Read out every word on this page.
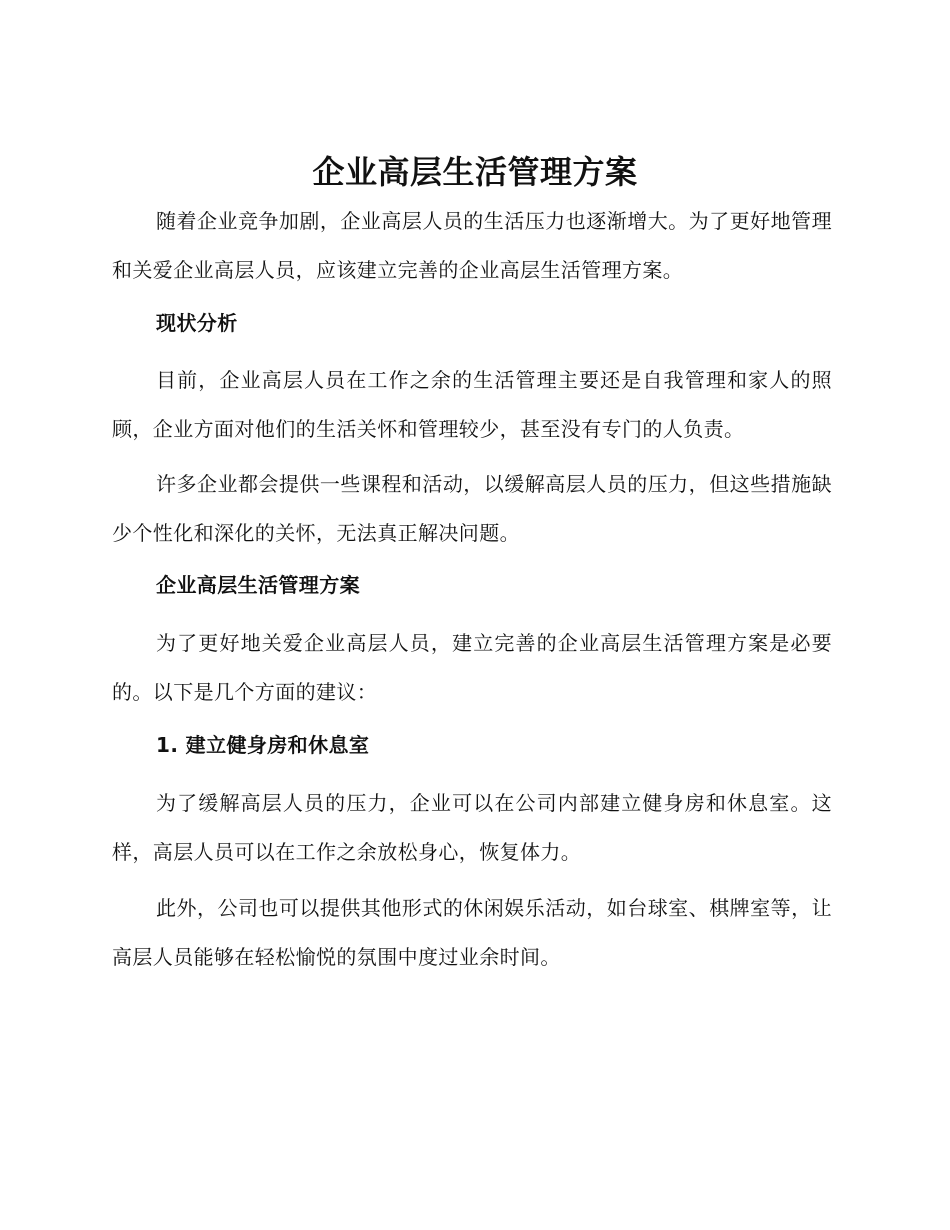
企业高层生活管理方案

随着企业竞争加剧，企业高层人员的生活压力也逐渐增大。为了更好地管理和关爱企业高层人员，应该建立完善的企业高层生活管理方案。

现状分析

目前，企业高层人员在工作之余的生活管理主要还是自我管理和家人的照顾，企业方面对他们的生活关怀和管理较少，甚至没有专门的人负责。

许多企业都会提供一些课程和活动，以缓解高层人员的压力，但这些措施缺少个性化和深化的关怀，无法真正解决问题。

企业高层生活管理方案

为了更好地关爱企业高层人员，建立完善的企业高层生活管理方案是必要的。以下是几个方面的建议：

1. 建立健身房和休息室

为了缓解高层人员的压力，企业可以在公司内部建立健身房和休息室。这样，高层人员可以在工作之余放松身心，恢复体力。

此外，公司也可以提供其他形式的休闲娱乐活动，如台球室、棋牌室等，让高层人员能够在轻松愉悦的氛围中度过业余时间。
